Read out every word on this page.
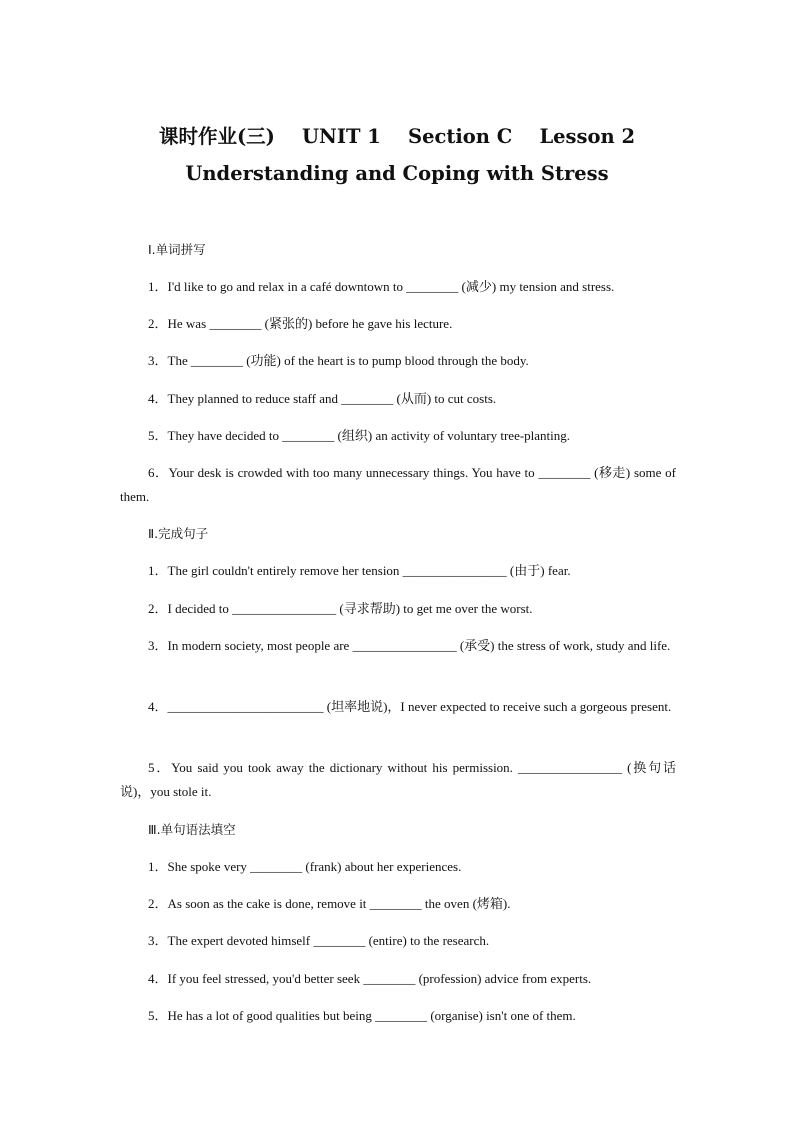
课时作业(三)    UNIT 1    Section C    Lesson 2
Understanding and Coping with Stress
Ⅰ.单词拼写
1．I'd like to go and relax in a café downtown to ________ (减少) my tension and stress.
2．He was ________ (紧张的) before he gave his lecture.
3．The ________ (功能) of the heart is to pump blood through the body.
4．They planned to reduce staff and ________ (从而) to cut costs.
5．They have decided to ________ (组织) an activity of voluntary tree-planting.
6．Your desk is crowded with too many unnecessary things. You have to ________ (移走) some of them.
Ⅱ.完成句子
1．The girl couldn't entirely remove her tension ________________ (由于) fear.
2．I decided to ________________ (寻求帮助) to get me over the worst.
3．In modern society, most people are ________________ (承受) the stress of work, study and life.
4．________________________ (坦率地说)，I never expected to receive such a gorgeous present.
5．You said you took away the dictionary without his permission. ________________ (换句话说)，you stole it.
Ⅲ.单句语法填空
1．She spoke very ________ (frank) about her experiences.
2．As soon as the cake is done, remove it ________ the oven (烤箱).
3．The expert devoted himself ________ (entire) to the research.
4．If you feel stressed, you'd better seek ________ (profession) advice from experts.
5．He has a lot of good qualities but being ________ (organise) isn't one of them.
